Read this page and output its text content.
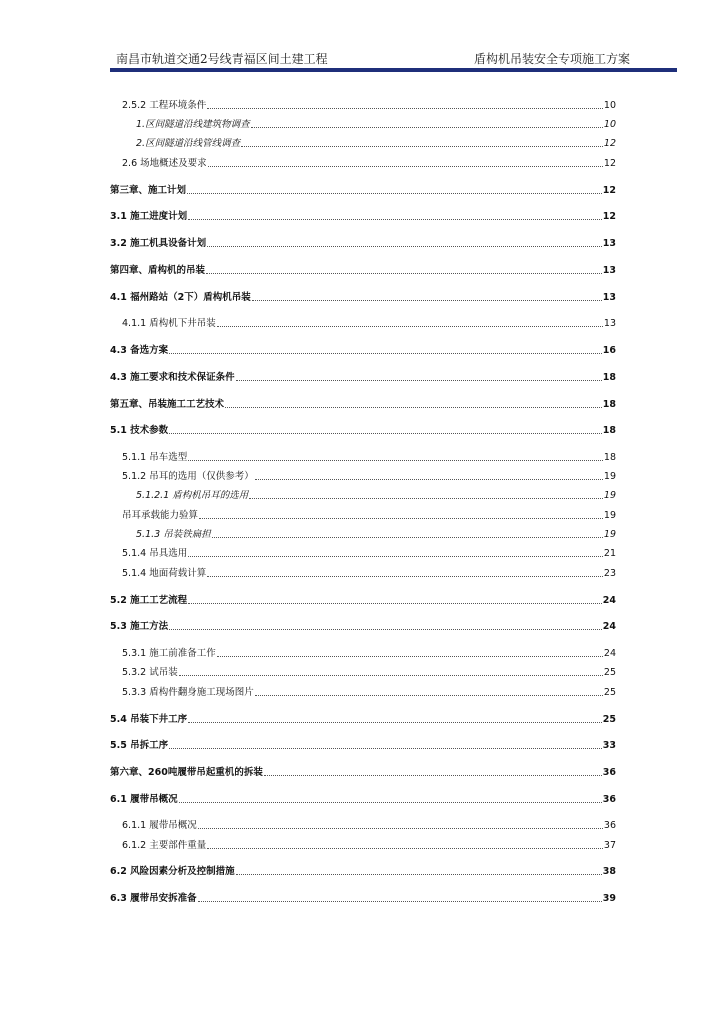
南昌市轨道交通2号线青福区间土建工程	盾构机吊装安全专项施工方案
2.5.2 工程环境条件	10
1.区间隧道沿线建筑物调查	10
2.区间隧道沿线管线调查	12
2.6 场地概述及要求	12
第三章、施工计划	12
3.1 施工进度计划	12
3.2 施工机具设备计划	13
第四章、盾构机的吊装	13
4.1 福州路站（2下）盾构机吊装	13
4.1.1 盾构机下井吊装	13
4.3 备选方案	16
4.3 施工要求和技术保证条件	18
第五章、吊装施工工艺技术	18
5.1 技术参数	18
5.1.1 吊车选型	18
5.1.2 吊耳的选用（仅供参考）	19
5.1.2.1 盾构机吊耳的选用	19
吊耳承载能力验算	19
5.1.3 吊装铁扁担	19
5.1.4 吊具选用	21
5.1.4 地面荷载计算	23
5.2 施工工艺流程	24
5.3 施工方法	24
5.3.1 施工前准备工作	24
5.3.2 试吊装	25
5.3.3 盾构件翻身施工现场图片	25
5.4 吊装下井工序	25
5.5 吊拆工序	33
第六章、260吨履带吊起重机的拆装	36
6.1 履带吊概况	36
6.1.1 履带吊概况	36
6.1.2 主要部件重量	37
6.2 风险因素分析及控制措施	38
6.3 履带吊安拆准备	39
